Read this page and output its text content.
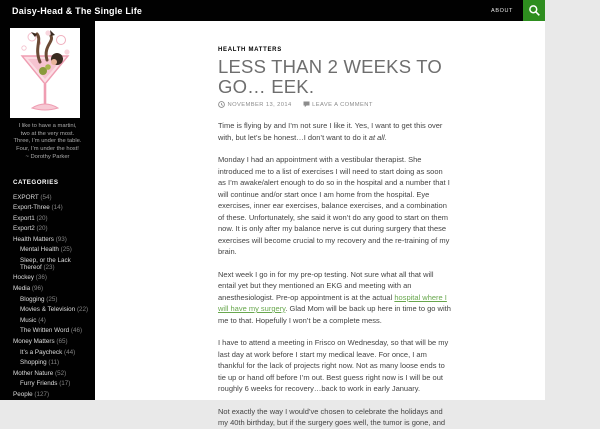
Daisy-Head & The Single Life	ABOUT
I like to have a martini,
two at the very most.
Three, I’m under the table.
Four, I’m under the host!
~ Dorothy Parker
CATEGORIES
EXPORT (54)
Export-Three (14)
Export1 (20)
Export2 (20)
Health Matters (93)
Mental Health (25)
Sleep, or the Lack Thereof (23)
Hockey (36)
Media (96)
Blogging (25)
Movies & Television (22)
Music (4)
The Written Word (46)
Money Matters (65)
It’s a Paycheck (44)
Shopping (11)
Mother Nature (52)
Furry Friends (17)
People (127)
HEALTH MATTERS
LESS THAN 2 WEEKS TO GO… EEK.
NOVEMBER 13, 2014	LEAVE A COMMENT

Time is flying by and I’m not sure I like it. Yes, I want to get this over with, but let’s be honest…I don’t want to do it at all.

Monday I had an appointment with a vestibular therapist. She introduced me to a list of exercises I will need to start doing as soon as I’m awake/alert enough to do so in the hospital and a number that I will continue and/or start once I am home from the hospital. Eye exercises, inner ear exercises, balance exercises, and a combination of these. Unfortunately, she said it won’t do any good to start on them now. It is only after my balance nerve is cut during surgery that these exercises will become crucial to my recovery and the re-training of my brain.

Next week I go in for my pre-op testing. Not sure what all that will entail yet but they mentioned an EKG and meeting with an anesthesiologist. Pre-op appointment is at the actual hospital where I will have my surgery. Glad Mom will be back up here in time to go with me to that. Hopefully I won’t be a complete mess.

I have to attend a meeting in Frisco on Wednesday, so that will be my last day at work before I start my medical leave. For once, I am thankful for the lack of projects right now. Not as many loose ends to tie up or hand off before I’m out. Best guess right now is I will be out roughly 6 weeks for recovery…back to work in early January.

Not exactly the way I would’ve chosen to celebrate the holidays and my 40th birthday, but if the surgery goes well, the tumor is gone, and
